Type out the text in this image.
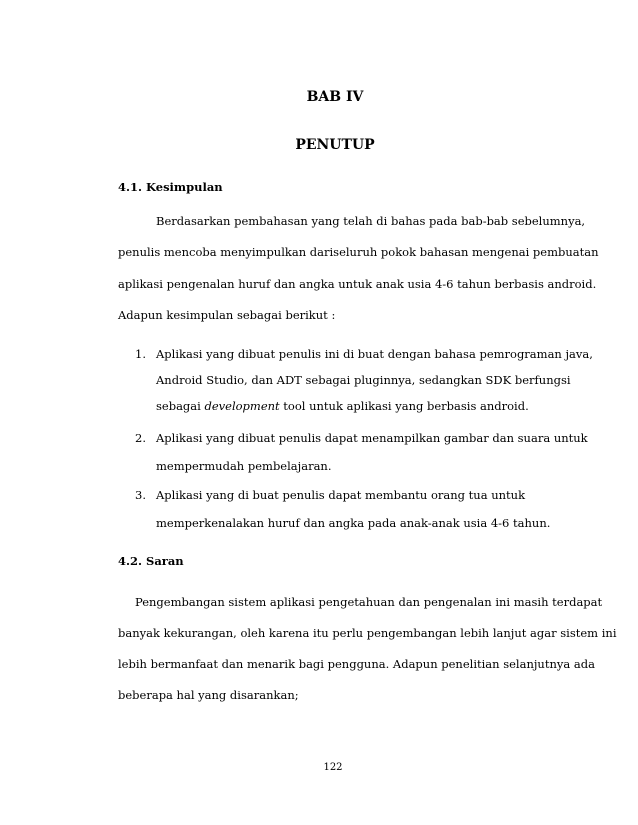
BAB IV
PENUTUP
4.1. Kesimpulan
Berdasarkan pembahasan yang telah di bahas pada bab-bab sebelumnya,
penulis mencoba menyimpulkan dariseluruh pokok bahasan mengenai pembuatan
aplikasi pengenalan huruf dan angka untuk anak usia 4-6 tahun berbasis android.
Adapun kesimpulan sebagai berikut :
1. Aplikasi yang dibuat penulis ini di buat dengan bahasa pemrograman java,
Android Studio, dan ADT sebagai pluginnya, sedangkan SDK berfungsi
sebagai development tool untuk aplikasi yang berbasis android.
2. Aplikasi yang dibuat penulis dapat menampilkan gambar dan suara untuk
mempermudah pembelajaran.
3. Aplikasi yang di buat penulis dapat membantu orang tua untuk
memperkenalakan huruf dan angka pada anak-anak usia 4-6 tahun.
4.2. Saran
Pengembangan sistem aplikasi pengetahuan dan pengenalan ini masih terdapat
banyak kekurangan, oleh karena itu perlu pengembangan lebih lanjut agar sistem ini
lebih bermanfaat dan menarik bagi pengguna. Adapun penelitian selanjutnya ada
beberapa hal yang disarankan;
122
